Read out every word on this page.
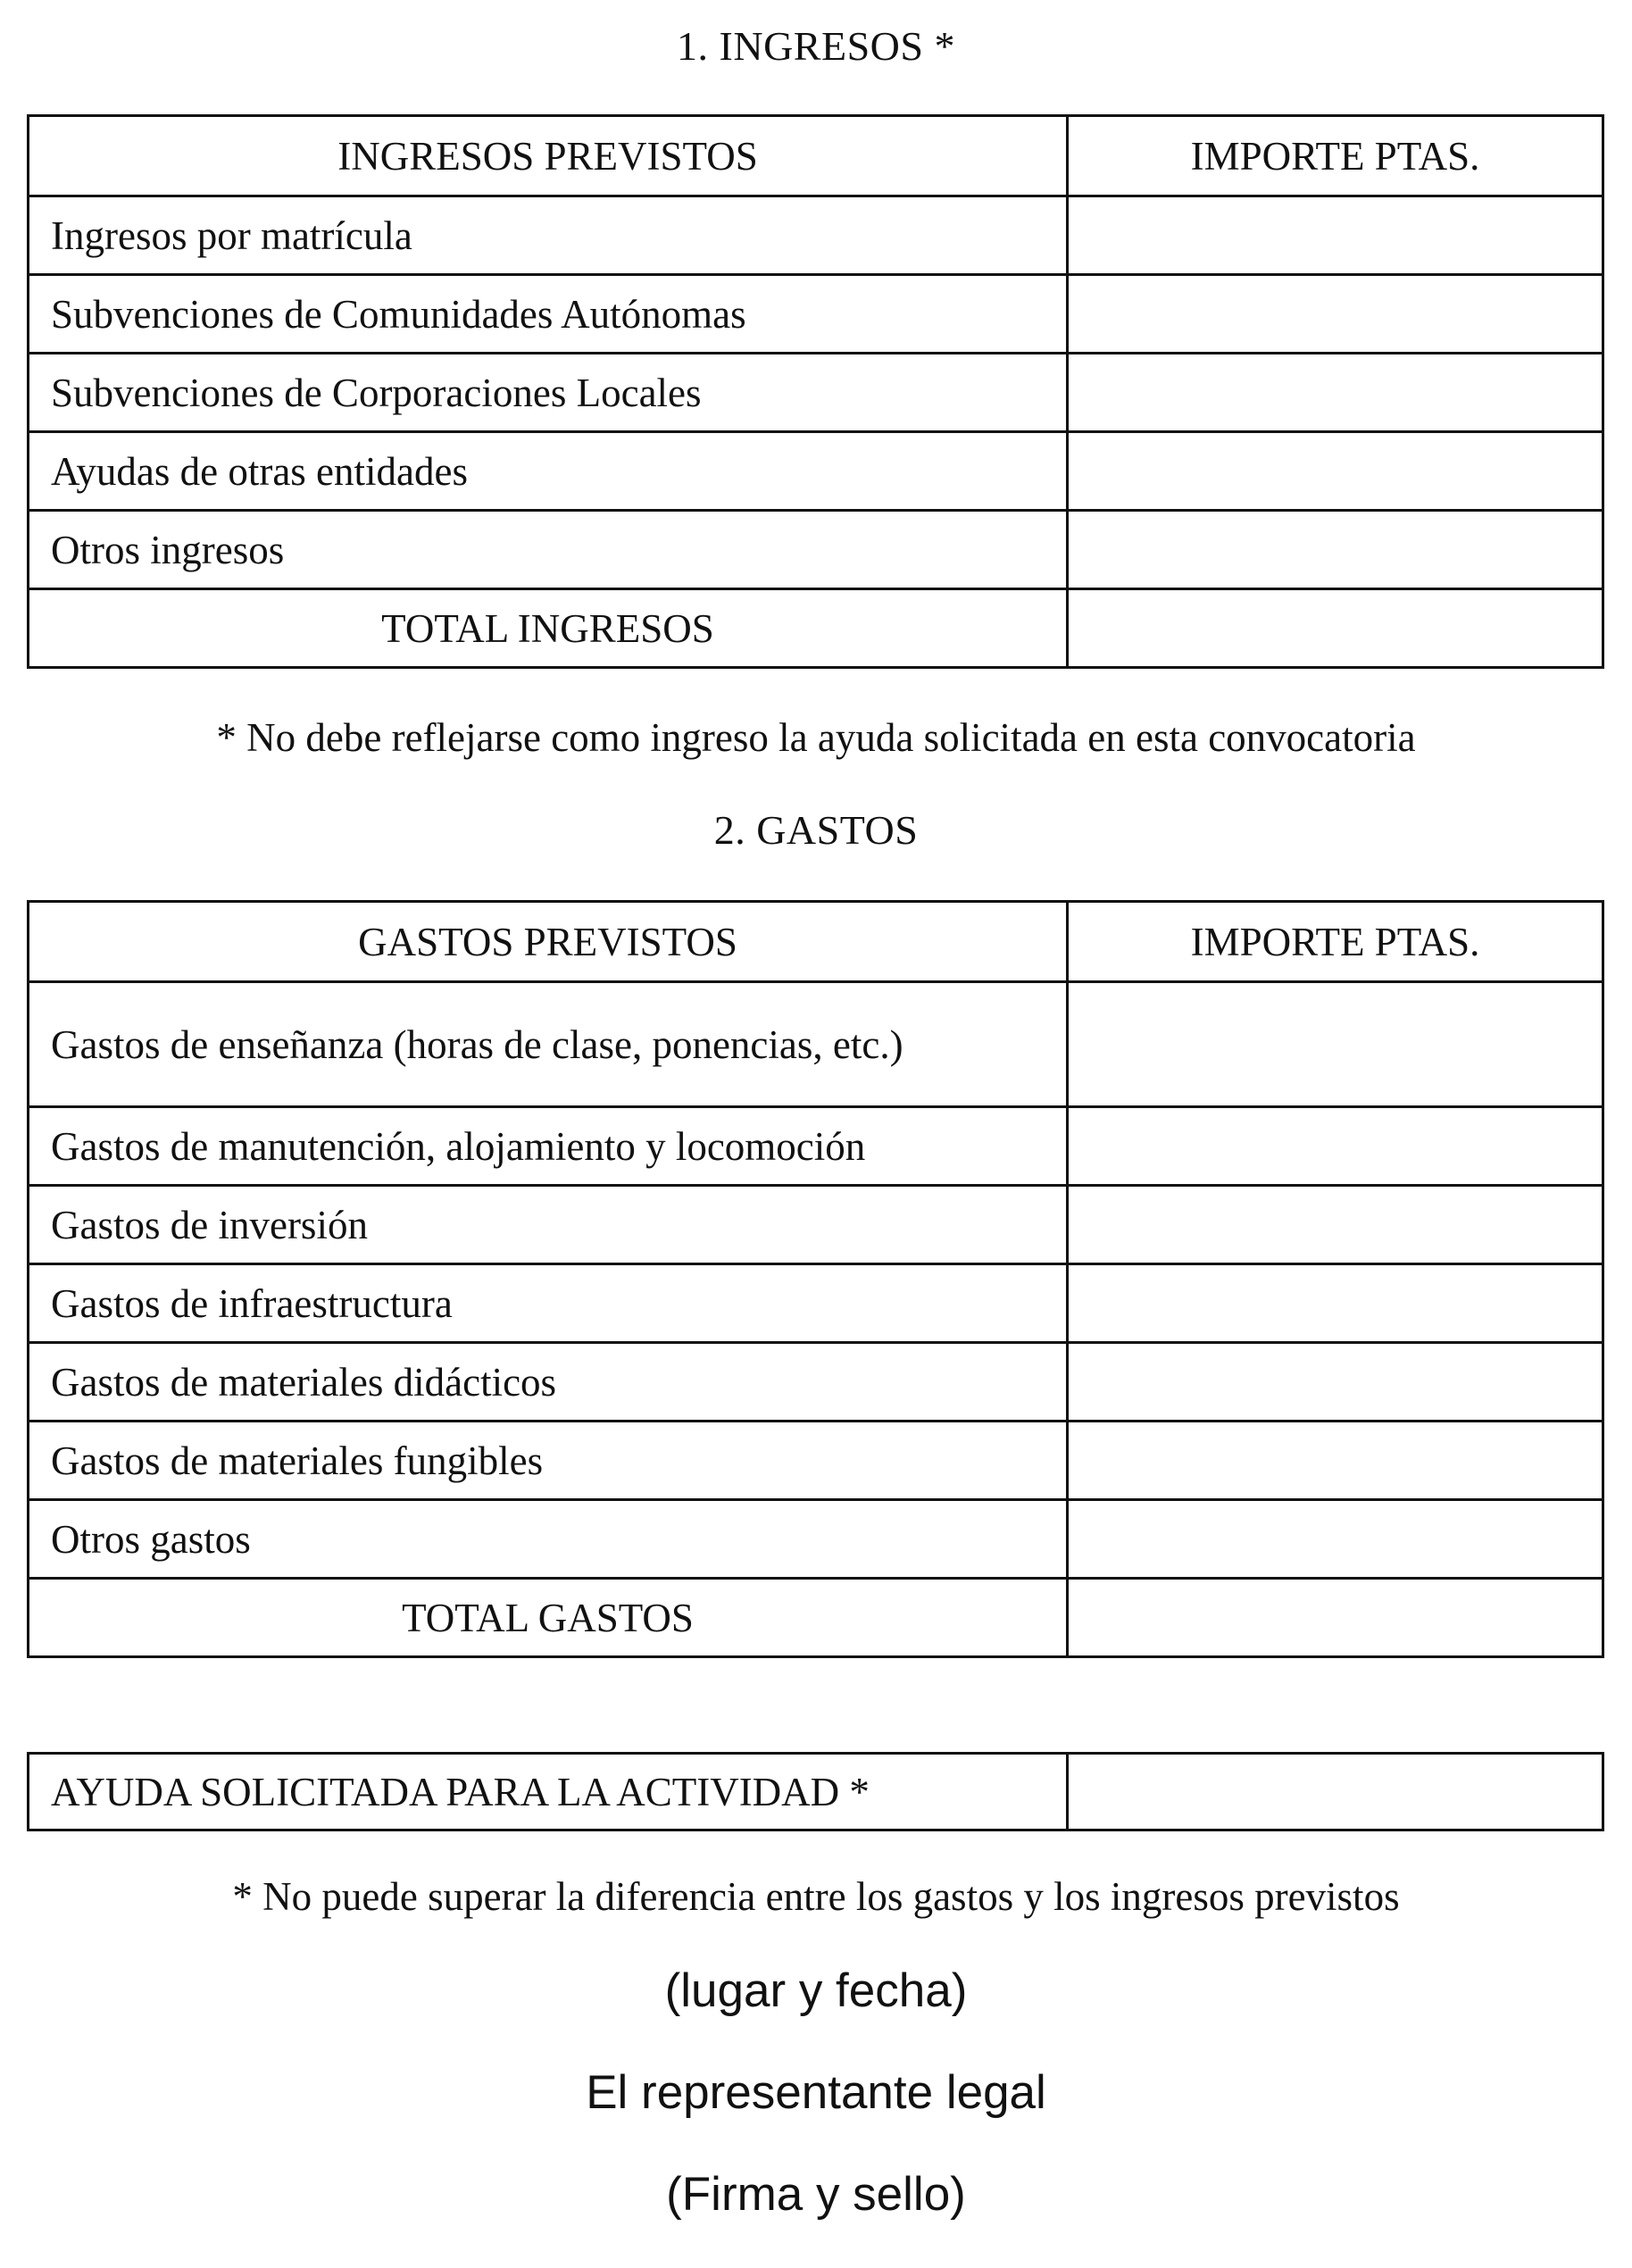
1. INGRESOS *
INGRESOS PREVISTOS	IMPORTE PTAS.
Ingresos por matrícula	
Subvenciones de Comunidades Autónomas	
Subvenciones de Corporaciones Locales	
Ayudas de otras entidades	
Otros ingresos	
TOTAL INGRESOS	
* No debe reflejarse como ingreso la ayuda solicitada en esta convocatoria
2. GASTOS
GASTOS PREVISTOS	IMPORTE PTAS.
Gastos de enseñanza (horas de clase, ponencias, etc.)	
Gastos de manutención, alojamiento y locomoción	
Gastos de inversión	
Gastos de infraestructura	
Gastos de materiales didácticos	
Gastos de materiales fungibles	
Otros gastos	
TOTAL GASTOS	
AYUDA SOLICITADA PARA LA ACTIVIDAD *	
* No puede superar la diferencia entre los gastos y los ingresos previstos
(lugar y fecha)
El representante legal
(Firma y sello)
